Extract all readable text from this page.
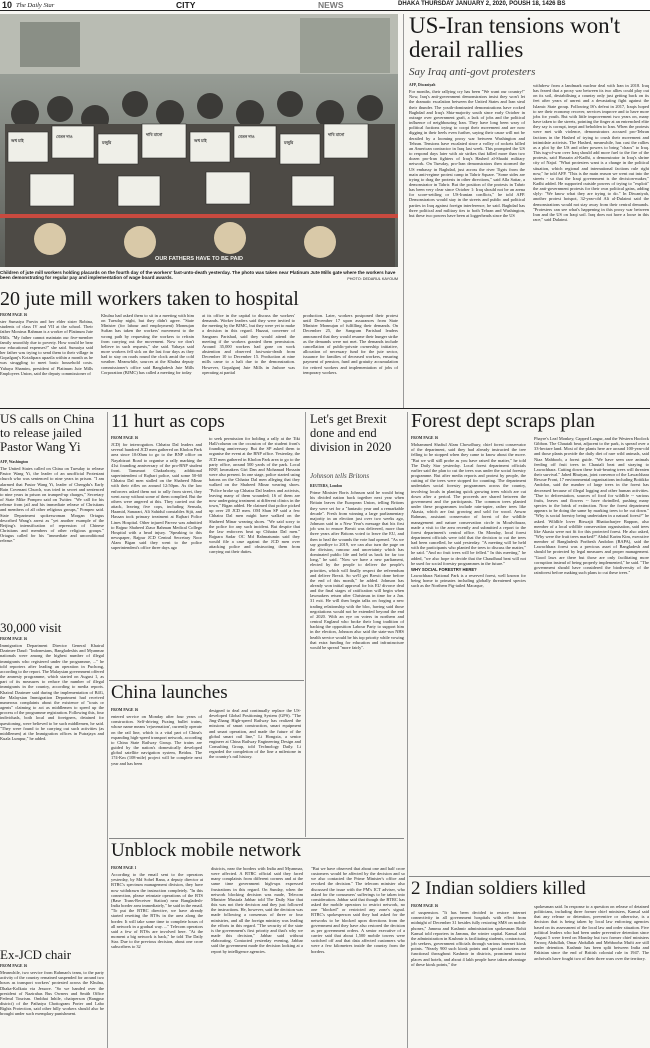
10 The Daily Star	CITY	NEWS	DHAKA THURSDAY JANUARY 2, 2020, POUSH 18, 1426 BS
অথ চাই
বেতন দাও
মজুরি
দাবি মানো
অথ চাই
বেতন দাও
মজুরি
দাবি মানো
OUR FATHERS HAVE TO BE PAID
Children of jute mill workers holding placards on the fourth day of the workers' fast-unto-death yesterday. The photo was taken near Platinum Jute Mills gate where the workers have been demonstrating for regular pay and implementation of wage board awards.	PHOTO: DEDARUL KAYOUM
20 jute mill workers taken to hospital

FROM PAGE 16

ster Sumaiya Parvin and her elder sister Robina, students of class IV and VII at the school. Their father Moniruz Rahman is a worker of Platinum Jute Mills. "My father cannot maintain our five-member family smoothly due to poverty. How would he bear our educational expenses?" she said. Sumaiya said her father was trying to send them to their village in Gopalganj's Kotalipara upazila within a month as he was struggling to meet basic household costs. Yahaya Shamim, president of Platinum Jute Mills Employees Union, said the deputy commissioner of

Khulna had asked them to sit in a meeting with him on Tuesday night, but they didn't agree. "State Minister (for labour and employment) Monnujan Sufian has taken the workers' movement to the wrong path by requesting the workers to refrain from carrying out the movement. Now we don't believe in such requests," she said. Yahaya said more workers fell sick on the last four days as they had to stay on roads round the clock amid the cold weather. Meanwhile, sources at the Khulna deputy commissioner's office said Bangladesh Jute Mills Corporation (BJMC) has called a meeting for today

at its office in the capital to discuss the workers' demands. Worker leaders said they were invited to the meeting by the BJMC, but they were yet to make a decision in this regard. Huzzat, convener of Sangram Parishad, said they would attend the meeting if the workers granted them permission. Around 35,000 workers had gone on work abstention and observed fast-unto-death from December 10 to December 15. Production at nine mills came to a halt due to the demonstration. However, Gopalganj Jute Mills in Jashore was operating at partial

production. Later, workers postponed their protest until December 17 upon assurances from State Minister Monnujan of fulfilling their demands. On December 25, the Sangram Parishad leaders announced that they would resume their hunger strike as the demands were not met. The demands include cancellation of public-private ownership initiative, allocation of necessary fund for the jute sector, issuance for families of deceased workers, ensuring payment of pension, fund and gratuity accumulation for retired workers and implementation of jobs of temporary workers.

US-Iran tensions won't derail rallies
Say Iraq anti-govt protesters

AFP, Diwaniyah

For months, their rallying cry has been "We want our country!" Now, Iraq's anti-government demonstrators insist they won't let the dramatic escalation between the United States and Iran steal their thunder. The youth-dominated demonstrations have rocked Baghdad and Iraq's Shia-majority south since early October in outrage over government graft, a lack of jobs and the political influence of neighbouring Iran. They have long been wary of political factions trying to coopt their movement and are now digging in their heels even further, saying their cause will not be derailed by a looming proxy war between Washington and Tehran. Tensions have escalated since a volley of rockets killed an American contractor in Iraq last week. This prompted the US to respond days later with air strikes that killed more than two dozen pro-Iran fighters of Iraq's Hashed al-Shaabi military network. On Tuesday, pro-Iran demonstrators then stormed the US embassy in Baghdad, just across the river Tigris from the main anti-regime protest camp in Tahrir Square. "Some sides are trying to drag the protests in other directions," said Alla Sattar, a demonstrator in Tahrir. But the position of the protests in Tahrir has been very clear since October 1: Iraq should not be an arena for score-settling or US-Iranian conflicts," he told AFP. Demonstrators would stay in the streets and public and political parties in Iraq against foreign interference, he said. Baghdad has three political and military ties to both Tehran and Washington, but these two powers have been at loggerheads since the US

withdrew from a landmark nuclear deal with Iran in 2018. Iraq has feared that a proxy war between its two allies could play out on its soil, destabilising a country only just getting back on its feet after years of unrest and a devastating fight against the Islamic State group. Following IS's defeat in 2017, Iraqis hoped to see their economy recover, services improve and to have more jobs for youth. But with little improvement two years on, many have taken to the streets, pointing the finger at an entrenched elite they say is corrupt, inept and beholden to Iran. When the protests were met with violence, demonstrators accused pro-Tehran factions in the Hashed of trying to crush their movement and intimidate activists. The Hashed, meanwhile, has cast the rallies as a plot by the US and other powers to bring "chaos" to Iraq. This tug-of-war over Iraq should add more fuel to the fire of the protests, said Hussain al-Kadhi, a demonstrator in Iraq's shrine city of Najaf. "What protesters want is a change in the political situation, which regional and international factions rule right now," he told AFP. "This is the main reason we went out into the streets - so that the Iraqi government is the decision-maker," Kadhi added. He supported outside powers of trying to "exploit" the anti-government protests for their own political gains, adding slyly: "We know what they are trying to do." In Diwaniyah, another protest hotspot, 32-year-old Ali al-Dulaimi said the demonstrations would not stay away from their central demands. "Protesters can see what's happening in this proxy war between Iran and the US on Iraqi soil. Iraq does not have a loose in this race," said Dulaimi.

US calls on China to release jailed Pastor Wang Yi

AFP, Washington

The United States called on China on Tuesday to release Pastor Wang Yi, the leader of an unofficial Protestant church who was sentenced to nine years in prison. "I am alarmed that Pastor Wang Yi, leader of Chengdu's Early Rain Covenant Church, was tried in secret and sentenced to nine years in prison on trumped-up charges," Secretary of State Mike Pompeo said on Twitter. "We call for his release from jail and his immediate release of Christians and members of all other religious groups," Pompeo said. State Department spokeswoman Morgan Ortagus described Wang's arrest as "yet another example of the Beijing's intensification of repression of Chinese Christians and members of other religious groups." Ortagus called for his "immediate and unconditional release."

30,000 visit

FROM PAGE 16

Immigration Department Director General Khairul Dzaimee Daud: "Indonesians, Bangladeshis and Myanmar nationals were among the highest number of illegal immigrants who registered under the programme, ..." he told reporters after leading an operation in Puchong, according to the report. The Malaysian government offered the amnesty programme, which started on August 1, as part of its measures to reduce the number of illegal immigrants in the country, according to media reports. Khairul Dzaimee said during the implementation of B4G, the Malaysian Immigration Department had received numerous complaints about the existence of "touts or agents" claiming to act as middlemen to speed up the process of the programme registration. Following this, four individuals, both local and foreigners, detained for questioning, were believed to be such middlemen, he said. "They were found to be carrying out such activities (as middlemen) at the Immigration offices in Putrajaya and Kuala Lumpur," he added.

Ex-JCD chair

FROM PAGE 16

Meanwhile, two service from Rahman's team, to the party activity of the country remained suspended for around two hours as transport workers' protested across the Khulna, Dhaka-Kolkata via Jessore. "So we handed over the president of Nazirahas Bus Owners and Smith Office Federal Tourism. Ombhai Inhile, chairperson (Rangpur district) of the Pathatya Chottogram Porter and Labo Rights Protection, said other hilly workers should also be brought under such exemplary punishment.

11 hurt as cops

FROM PAGE 16

JCD) for interrogation. Chhatra Dal leaders and several hundred JCD men gathered on Kholon Park area since 10:00am to go to the BNP office on Nayabizuri Road to organise a rally marking the 41st founding anniversary of the pro-BNP student front. Tanumari Chakraborty, additional superintendent of Rajbari police, said some 50-60 Chhatra Dal men stalled on the Shaheed Minar with their rifles on around 12:50pm. As the law enforcers asked them not to rally from street, they went away without some of them complied. But the others were angered at this. They carried out the attack, leaving five cops, including Sensala, Haamid, Sanarari, Ali Sahidul constables Sijit, and Hassan took primary treatment at Rajbari Police Lines Hospital. Other injured Parvez was admitted to Rajpur Shaheed Ziaur Rahman Medical College Hospital with a head injury. "Speaking to this newspaper, Rajpur JCD Central Secretary Noor Alam Bigan said they went to the police superintendent's office three days ago

to seek permission for holding a rally at the Tiki Hall/column on the occasion of the student front's founding anniversary. But the SP asked them to organise the event at the BNP office. Yesterday, the JCD men gathered in Kholon Park area to go to the party office, around 500 yards of the park. Local BNP, lawmakers Giri Dan and Mohamad Hossain were also present. In one stage, police started using batons on the Chhatra Dal men alleging that they walked on the Shaheed Minar wearing shoes. "Police broke up Chhatra Dal leaders and activists, leaving many of them wounded; 16 of them are now undergoing treatment at different clinics in the town," Bigan added. He claimed that police picked up over 20 JCD men. OM Shan SP said a few Chhatra Dal men might have walked on the Shaheed Minar wearing shoes. "We said sorry to the police for any such incident. But despite that the law enforcers beat up Chhatra Dal men." Rajpara Sadar OC Md Rahmatumin said they would file a case against the JCD men over attacking police and obstructing them from carrying out their duties.

Let's get Brexit done and end division in 2020
Johnson tells Britons

REUTERS, London

Prime Minister Boris Johnson said he would bring his divided nation back together next year when Britain leaves the European Union, telling Britons they were set for a "fantastic year and a remarkable decade". Fresh from winning a large parliamentary majority in an election just over two weeks ago, Johnson said in a New Year's message that his first job was to ensure Brexit was delivered, more than three years after Britons voted to leave the EU, and then to heal the wounds the vote had opened. "As we say goodbye to 2019, we can also turn the page on the division, rancour and uncertainty which has dominated public life and held us back for far too long," he said. "Now we have a new parliament, elected by the people to deliver the people's priorities, which will finally respect the referendum and deliver Brexit. So we'll get Brexit done before the end of this month," he added. Johnson has already won initial approval for his EU divorce deal and the final stages of ratification will begin when lawmakers return after Christmas in time for a Jan. 31 exit. He will then begin talks on forging a new trading relationship with the bloc, having said those negotiations would not be extended beyond the end of 2020. With an eye on voters in northern and central England who broke their long tradition of backing the opposition Labour Party to support him in the election, Johnson also said the state-run NHS health service would be his top priority while vowing that extra funding for education and infrastructure would be spread "more fairly".

China launches

FROM PAGE 16

entered service on Monday after four years of construction. Self-driving Fuxing bullet trains, whose name means 'rejuvenation', currently operate on the rail line, which is a vital part of China's expanding high-speed transport network, according to China State Railway Group. The trains are guided by the nation's domestically developed global satellite navigation system, Beidou. The 174-Km (108-mile) project will be complete next year and has been

designed to deal and continually replace the US-developed Global Positioning System (GPS). "The Jing-Zhang High-speed Railway has realized the missions of smart construction, smart equipment and smart operation, and made the future of the global smart rail line," Li Hongxia, a senior engineer at China Railway Engineering Design and Consulting Group, told Technology Daily. Li regarded the completion of the line a milestone in the country's rail history.

Unblock mobile network

FROM PAGE 1

According to the email sent to the operators yesterday, by Md Sohel Rana, a deputy director at BTRC's spectrum management division, they have now withdrawn the instruction completely. "In this connection, please reinstate operations of the BTS (Base Trans-Receiver Station) near Bangladesh-India border area immediately," he said in the email. "To put the BTRC directive, we have already started resetting the BTSs in the area along the border. It will take some time to complete hours of all network in a gradual way. ..." Telecom operators said a few of BTSs are involved here. "At the moment a big network is back," he told The Daily Star. Due to the previous decision, about one crore subscribers to 32

districts, near the borders with India and Myanmar, were affected. A BTRC official said they faced many complaints from different corners and at the same time government high-ups expressed frustrations in this regard. On Sunday, when the network blocking decision was made, Telecom Minister Mustafa Jabbar told The Daily Star that this was not their decision and they just followed the instructions. He, however, said the decision was made following a consensus of three or four ministries, and all the foreign ministry was leading the efforts in this regard. "The security of the state is the government's first priority and that's why we made this decision," Jabbar said without elaborating. Contacted yesterday evening, Jabbar said the government made the decision looking at a report by intelligence agencies.

"But we have observed that about one and half crore customers would be affected by the decision and so we also contacted the Prime Minister's office and revoked the decision." The telecom minister also discussed the issue with the PM's ICT adviser, who asked for the consumers' sufferings to be taken into consideration. Jabbar said that though the BTRC has asked the mobile operators to restrict network, no one "blocked" or restricted any zone's signal. BTRC's spokesperson said they had asked for the networks to be blocked upon directions from the government and they have also restored the decision as per government orders. A senior executive of a carrier said that about 1,500 mobile towers were switched off and that data affected customers who were a few kilometres inside the country from the borders.

Forest dept scraps plan

FROM PAGE 16

Mohammed Shafiul Alam Chowdhury, chief forest conservator of the department, said they had already instructed the tree felling to be stopped when they came to know about the move. "But we will still probe as you have raised the matter," he told The Daily Star yesterday. Local forest department officials earlier said the plan to cut the trees was under the social forestry programme. But after media reports and protest by people, the cutting of the trees were stopped for counting. The department undertakes social forestry programmes across the country, involving locals in planting quick growing trees which are cut down after a period. The proceeds are shared between the government and the participants. The common trees planted under these programmes include rain-tapter, rather trees like Akasia, which are fast growing and sold for wood. Anwar Rahman, assistant conservator of forest of the wildlife management and nature conservation circle in Moulvibazar, made a visit to the area recently and submitted a report to the forest department's central office. On Monday, local forest department officials were told that the decision to cut the trees had been cancelled, he said yesterday. "A meeting will be held with the participants who planted the trees to discuss the matter," he said. "And no fruit trees will be felled." In this meeting," he added, "we also hope to decide that the Chaudhaul beat will not be used for social forestry programmes in the future."

WHY SOCIAL FORESTRY HERE?

Lawachhara National Park is a reserved forest, well known for being home to primates including globally threatened species such as the Northern Pig-tailed Macaque,

Phayre's Leaf Monkey, Capped Langur, and the Western Hoolock Gibbon. The Chautali beat, adjacent to the park, is spread over a 33-hectare land. Most of the plants here are around 100-year-old and those plants provide the daily diet of rare wild animals, said Niaz Mahboob, a forest guide. "We have seen rare animals feeding off fruit trees in Chautali beat and straying to Lawachhara. Cutting down these fruit-bearing trees will threaten their survival." Jahed Bhuiyan, joint convenor of the Lawachhara Rescue Front, 17 environmental organisations including Boitikko Andolon, said the number of large trees in the forest has decreased because of illegal logging and other human activities. "Due to deforestation, sources of food for wildlife -- various fruits, leaves and flowers -- have dwindled, pushing many species to the brink of extinction. Now the forest department appears to be doing the same by marking trees to be cut down." "Why is social forestry being undertaken in a natural forest?" he asked. Wildlife lover Biswajit Bhattacharjee Bappon, also member of a local wildlife conservation organisation, said trees like Akasia were not fit for this protected forest. He also asked, "Why were the fruit trees marked?" Abdul Karim Kim, executive member of Bangladesh Poribesh Andolon (BAPA), said the Lawachhara forest was a precious asset of Bangladesh and should be protected by legal measures and proper management. "Good laws are there but those are only facilitating more corruption instead of being properly implemented," he said. "The government should have considered the biodiversity of the rainforest before making such plans to cut these trees."

2 Indian soldiers killed

FROM PAGE 16

of suspension. "It has been decided to restore internet connectivity in all government hospitals with effect from midnight of December 31 besides fully restoring SMS on mobile phones," Jammu and Kashmir administration spokesman Rohit Kansal told reporters in Jammu, the winter capital. Kansal said the administration in Kashmir is facilitating students, contractors, job seekers, government officials through various internet kiosk points. "Nearly 900 such kiosk points and special counters are functional throughout Kashmir in districts, prominent tourist places and hotels, and about 4 lakh people have taken advantage of these kiosk points," the

spokesman said. In response to a question on release of detained politicians, including three former chief ministers, Kansal said that any release or detention, preventive or otherwise, is a decision that is being taken by local law enforcing agencies based on its assessment of the local law and order situation. Five political leaders who had been under preventive detention since August 5 were freed on Monday but two former chief ministers Farooq Abdullah, Omar Abdullah and Mehbooba Mufti are still under detention. Kashmir has been split between India and Pakistan since the end of British colonial rule in 1947. The archrivals have fought two of their three wars over the territory.
